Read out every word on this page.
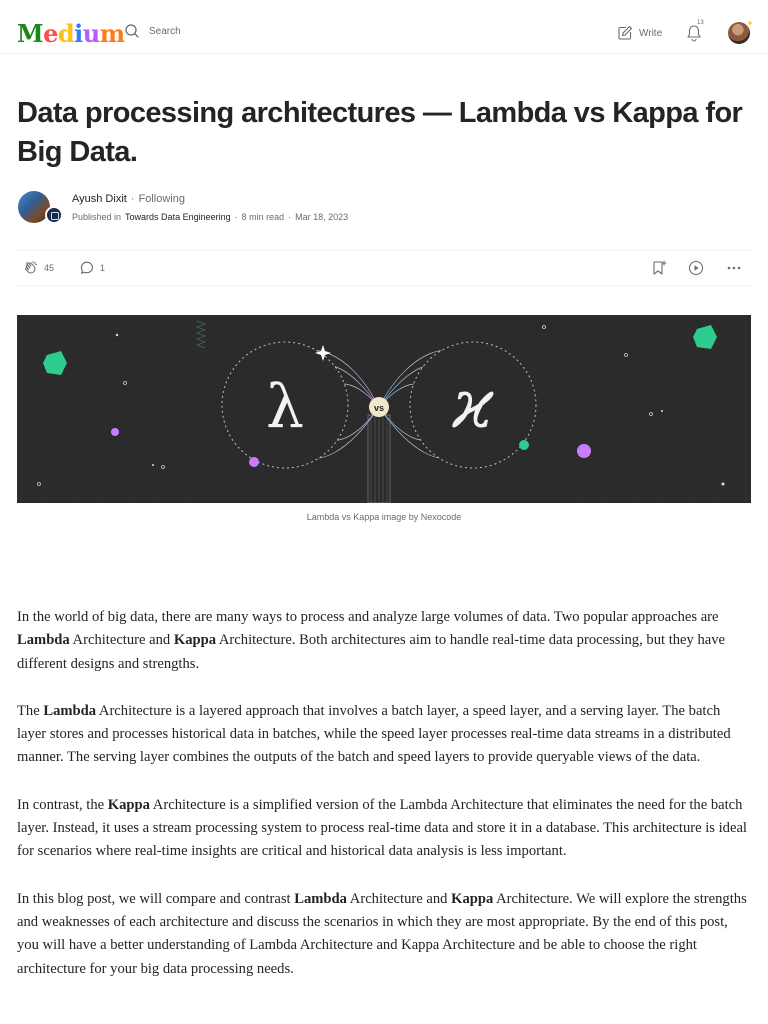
Medium Search	Write
13
Data processing architectures — Lambda vs Kappa for Big Data.
Ayush Dixit · Following
Published in Towards Data Engineering · 8 min read · Mar 18, 2023
45	1
λ ϰ
vs
Lambda vs Kappa image by Nexocode

In the world of big data, there are many ways to process and analyze large volumes of data. Two popular approaches are Lambda Architecture and Kappa Architecture. Both architectures aim to handle real-time data processing, but they have different designs and strengths.

The Lambda Architecture is a layered approach that involves a batch layer, a speed layer, and a serving layer. The batch layer stores and processes historical data in batches, while the speed layer processes real-time data streams in a distributed manner. The serving layer combines the outputs of the batch and speed layers to provide queryable views of the data.

In contrast, the Kappa Architecture is a simplified version of the Lambda Architecture that eliminates the need for the batch layer. Instead, it uses a stream processing system to process real-time data and store it in a database. This architecture is ideal for scenarios where real-time insights are critical and historical data analysis is less important.

In this blog post, we will compare and contrast Lambda Architecture and Kappa Architecture. We will explore the strengths and weaknesses of each architecture and discuss the scenarios in which they are most appropriate. By the end of this post, you will have a better understanding of Lambda Architecture and Kappa Architecture and be able to choose the right architecture for your big data processing needs.
